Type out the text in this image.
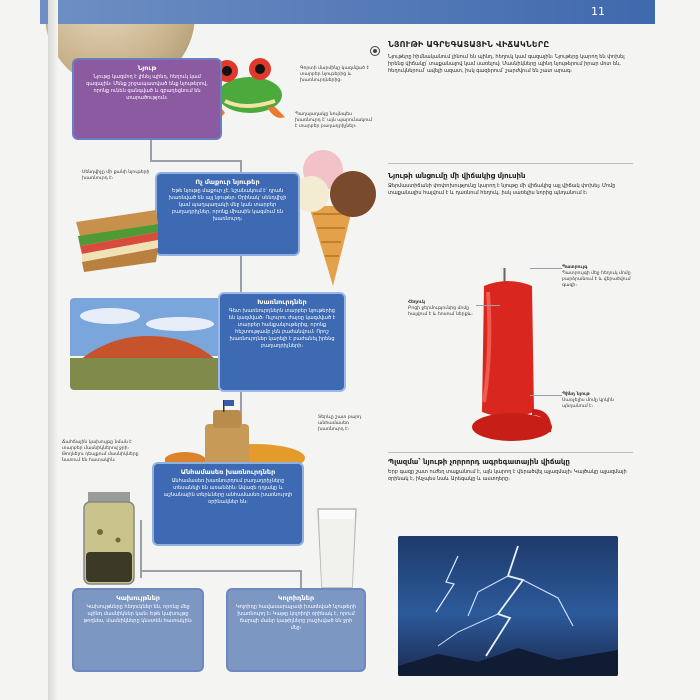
11
Նյութ
Նյութը կազմող է լինել պինդ, հեղուկ կամ գազային։ Մենք շրջապատված ենք նյութերով, որոնք ունեն զանգված և զբաղեցնում են տարածություն։
Գորտի մարմինը կազմված է տարբեր նյութերից և խառնուրդներից։
Պաղպաղակը նույնպես խառնուրդ է՝ այն պարունակում է տարբեր բաղադրիչներ։
Սենդվիչը մի քանի նյութերի խառնուրդ է։	Ոչ մաքուր նյութեր
Եթե նյութը մաքուր չէ, նշանակում է՝ դրան խառնված են այլ նյութեր։ Օրինակ՝ սենդվիչի կամ պաղպաղակի մեջ կան տարբեր բաղադրիչներ, որոնք միասին կազմում են խառնուրդ։
Խառնուրդներ
Գետ խառնուրդներն տարբեր նյութերից են կազմված։ Ուլուրու ժայռը կազմված է տարբեր հանքանյութերից, որոնք հեշտությամբ չեն բաժանվում։ Որոշ խառնուրդներ կարելի է բաժանել իրենց բաղադրիչների։
Տերևը շատ բարդ անհամասեռ խառնուրդ է։
Ճահճային կախույթը նման է տարբեր մասնիկներով ջրի։ Թողնելու դեպքում մասնիկները նստում են հատակին։
Անհամասեռ խառնուրդներ
Անհամասեռ խառնուրդում բաղադրիչները տեսանելի են առանձին։ Ավազե դղյակը և աշնանային տերևները անհամասեռ խառնուրդի օրինակներ են։
Կախույթներ
Կախույթները հեղուկներ են, որոնց մեջ պինդ մասնիկներ կան։ Եթե կախույթը թողնես, մասնիկները կնստեն հատակին։
Կոլոիդներ
Կոլոիդը հավասարաչափ խառնված նյութերի խառնուրդ է։ Կաթը կոլոիդի օրինակ է, որում ճարպի մանր կաթիլները բաշխված են ջրի մեջ։
ՆՅՈՒԹԻ ԱԳՐԵԳԱՏԱՅԻՆ ՎԻՃԱԿՆԵՐԸ
Նյութերը հիմնականում լինում են պինդ, հեղուկ կամ գազային։ Նյութերը կարող են փոխել իրենց վիճակը՝ տաքանալով կամ սառելով։ Մասնիկները պինդ նյութերում իրար մոտ են, հեղուկներում՝ ավելի ազատ, իսկ գազերում՝ շարժվում են շատ արագ։
Նյութի անցումը մի վիճակից մյուսին
Ջերմաստիճանի փոփոխությունը կարող է նյութը մի վիճակից այլ վիճակ փոխել։ Մոմը տաքանալիս հալվում է և դառնում հեղուկ, իսկ սառելիս նորից պնդանում է։
Պատրույգ
Պատրույգի մեջ հեղուկ մոմը բարձրանում է և վերածվում գազի։
Հեղուկ
Բոցի ջերմությունից մոմը հալվում է և հոսում ներքև։
Պինդ նյութ
Սառչելիս մոմը կրկին պնդանում է։
Պլազմա՝ նյութի չորրորդ ագրեգատային վիճակը
Երբ գազը շատ ուժեղ տաքանում է, այն կարող է վերածվել պլազմայի։ Կայծակը պլազմայի օրինակ է, ինչպես նաև Արեգակը և աստղերը։
